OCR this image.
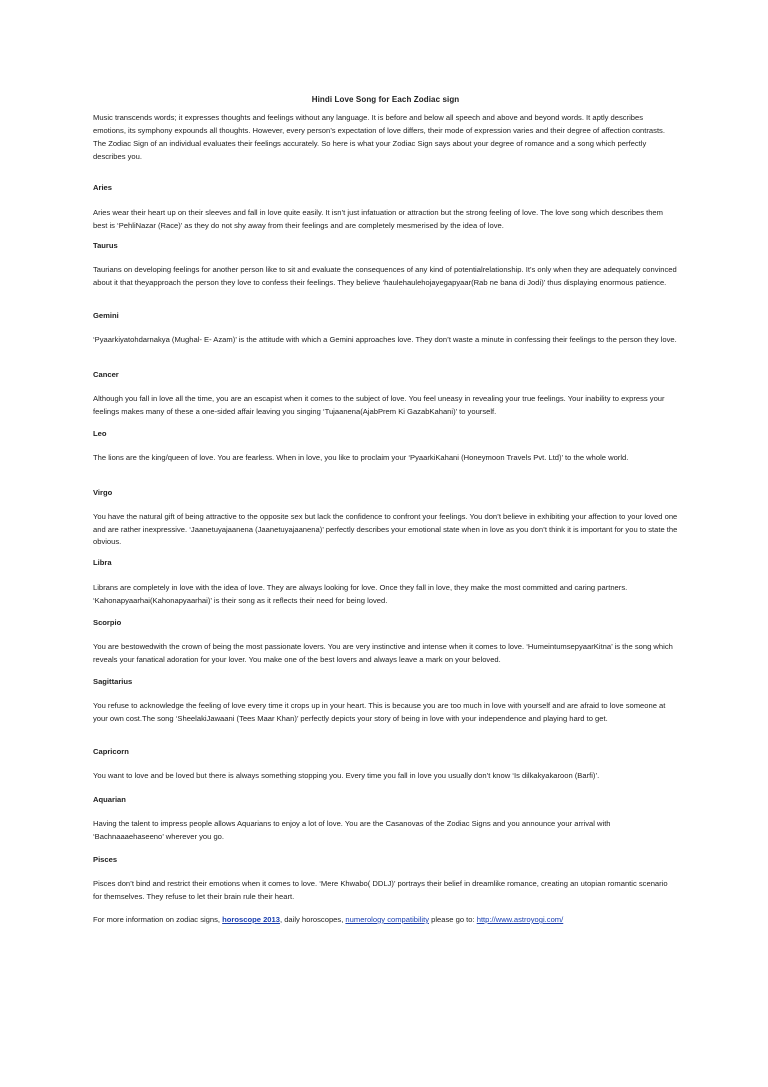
Hindi Love Song for Each Zodiac sign
Music transcends words; it expresses thoughts and feelings without any language. It is before and below all speech and above and beyond words. It aptly describes emotions, its symphony expounds all thoughts. However, every person’s expectation of love differs, their mode of expression varies and their degree of affection contrasts. The Zodiac Sign of an individual evaluates their feelings accurately. So here is what your Zodiac Sign says about your degree of romance and a song which perfectly describes you.
Aries
Aries wear their heart up on their sleeves and fall in love quite easily. It isn’t just infatuation or attraction but the strong feeling of love. The love song which describes them best is ‘PehliNazar (Race)’ as they do not shy away from their feelings and are completely mesmerised by the idea of love.
Taurus
Taurians on developing feelings for another person like to sit and evaluate the consequences of any kind of potentialrelationship. It’s only when they are adequately convinced about it that theyapproach the person they love to confess their feelings. They believe ‘haulehaulehojayegapyaar(Rab ne bana di Jodi)’ thus displaying enormous patience.
Gemini
‘Pyaarkiyatohdarnakya (Mughal- E- Azam)’ is the attitude with which a Gemini approaches love. They don’t waste a minute in confessing their feelings to the person they love.
Cancer
Although you fall in love all the time, you are an escapist when it comes to the subject of love. You feel uneasy in revealing your true feelings. Your inability to express your feelings makes many of these a one-sided affair leaving you singing ‘Tujaanena(AjabPrem Ki GazabKahani)’ to yourself.
Leo
The lions are the king/queen of love. You are fearless. When in love, you like to proclaim your ‘PyaarkiKahani (Honeymoon Travels Pvt. Ltd)’ to the whole world.
Virgo
You have the natural gift of being attractive to the opposite sex but lack the confidence to confront your feelings. You don’t believe in exhibiting your affection to your loved one and are rather inexpressive. ‘Jaanetuyajaanena (Jaanetuyajaanena)’ perfectly describes your emotional state when in love as you don’t think it is important for you to state the obvious.
Libra
Librans are completely in love with the idea of love. They are always looking for love. Once they fall in love, they make the most committed and caring partners. ‘Kahonapyaarhai(Kahonapyaarhai)’ is their song as it reflects their need for being loved.
Scorpio
You are bestowedwith the crown of being the most passionate lovers. You are very instinctive and intense when it comes to love. ‘HumeintumsepyaarKitna’ is the song which reveals your fanatical adoration for your lover. You make one of the best lovers and always leave a mark on your beloved.
Sagittarius
You refuse to acknowledge the feeling of love every time it crops up in your heart. This is because you are too much in love with yourself and are afraid to love someone at your own cost.The song ‘SheelakiJawaani (Tees Maar Khan)’ perfectly depicts your story of being in love with your independence and playing hard to get.
Capricorn
You want to love and be loved but there is always something stopping you. Every time you fall in love you usually don’t know ‘Is dilkakyakaroon (Barfi)’.
Aquarian
Having the talent to impress people allows Aquarians to enjoy a lot of love. You are the Casanovas of the Zodiac Signs and you announce your arrival with ‘Bachnaaaehaseeno’ wherever you go.
Pisces
Pisces don’t bind and restrict their emotions when it comes to love. ‘Mere Khwabo( DDLJ)’ portrays their belief in dreamlike romance, creating an utopian romantic scenario for themselves. They refuse to let their brain rule their heart.
For more information on zodiac signs, horoscope 2013, daily horoscopes, numerology compatibility please go to: http://www.astroyogi.com/
